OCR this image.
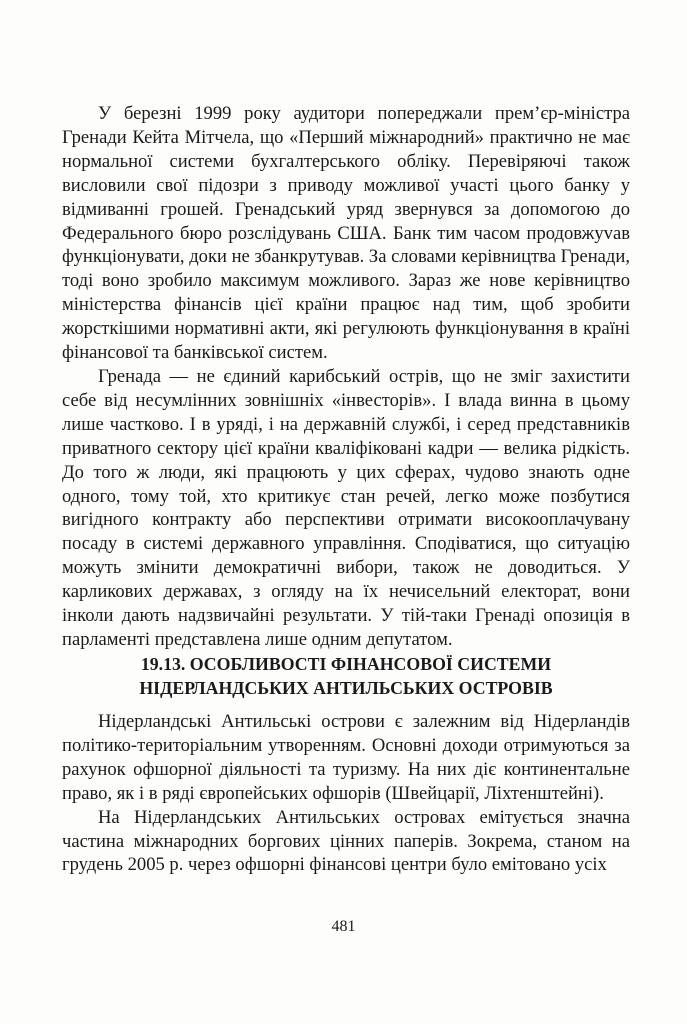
У березні 1999 року аудитори попереджали прем’єр-міністра Гренади Кейта Мітчела, що «Перший міжнародний» практично не має нормальної системи бухгалтерського обліку. Перевіряючі також висловили свої підозри з приводу можливої участі цього банку у відмиванні грошей. Гренадський уряд звернувся за допомогою до Федерального бюро розслідувань США. Банк тим часом продовжуvав функціонувати, доки не збанкрутував. За словами керівництва Гренади, тоді воно зробило максимум можливого. Зараз же нове керівництво міністерства фінансів цієї країни працює над тим, щоб зробити жорсткішими нормативні акти, які регулюють функціонування в країні фінансової та банківської систем.

Гренада — не єдиний карибський острів, що не зміг захистити себе від несумлінних зовнішніх «інвесторів». І влада винна в цьому лише частково. І в уряді, і на державній службі, і серед представників приватного сектору цієї країни кваліфіковані кадри — велика рідкість. До того ж люди, які працюють у цих сферах, чудово знають одне одного, тому той, хто критикує стан речей, легко може позбутися вигідного контракту або перспективи отримати високооплачувану посаду в системі державного управління. Сподіватися, що ситуацію можуть змінити демократичні вибори, також не доводиться. У карликових державах, з огляду на їх нечисельний електорат, вони інколи дають надзвичайні результати. У тій-таки Гренаді опозиція в парламенті представлена лише одним депутатом.

19.13. ОСОБЛИВОСТІ ФІНАНСОВОЇ СИСТЕМИ
НІДЕРЛАНДСЬКИХ АНТИЛЬСЬКИХ ОСТРОВІВ

Нідерландські Антильські острови є залежним від Нідерландів політико-територіальним утворенням. Основні доходи отримуються за рахунок офшорної діяльності та туризму. На них діє континентальне право, як і в ряді європейських офшорів (Швейцарії, Ліхтенштейні).

На Нідерландських Антильських островах емітується значна частина міжнародних боргових цінних паперів. Зокрема, станом на грудень 2005 р. через офшорні фінансові центри було емітовано усіх

481
